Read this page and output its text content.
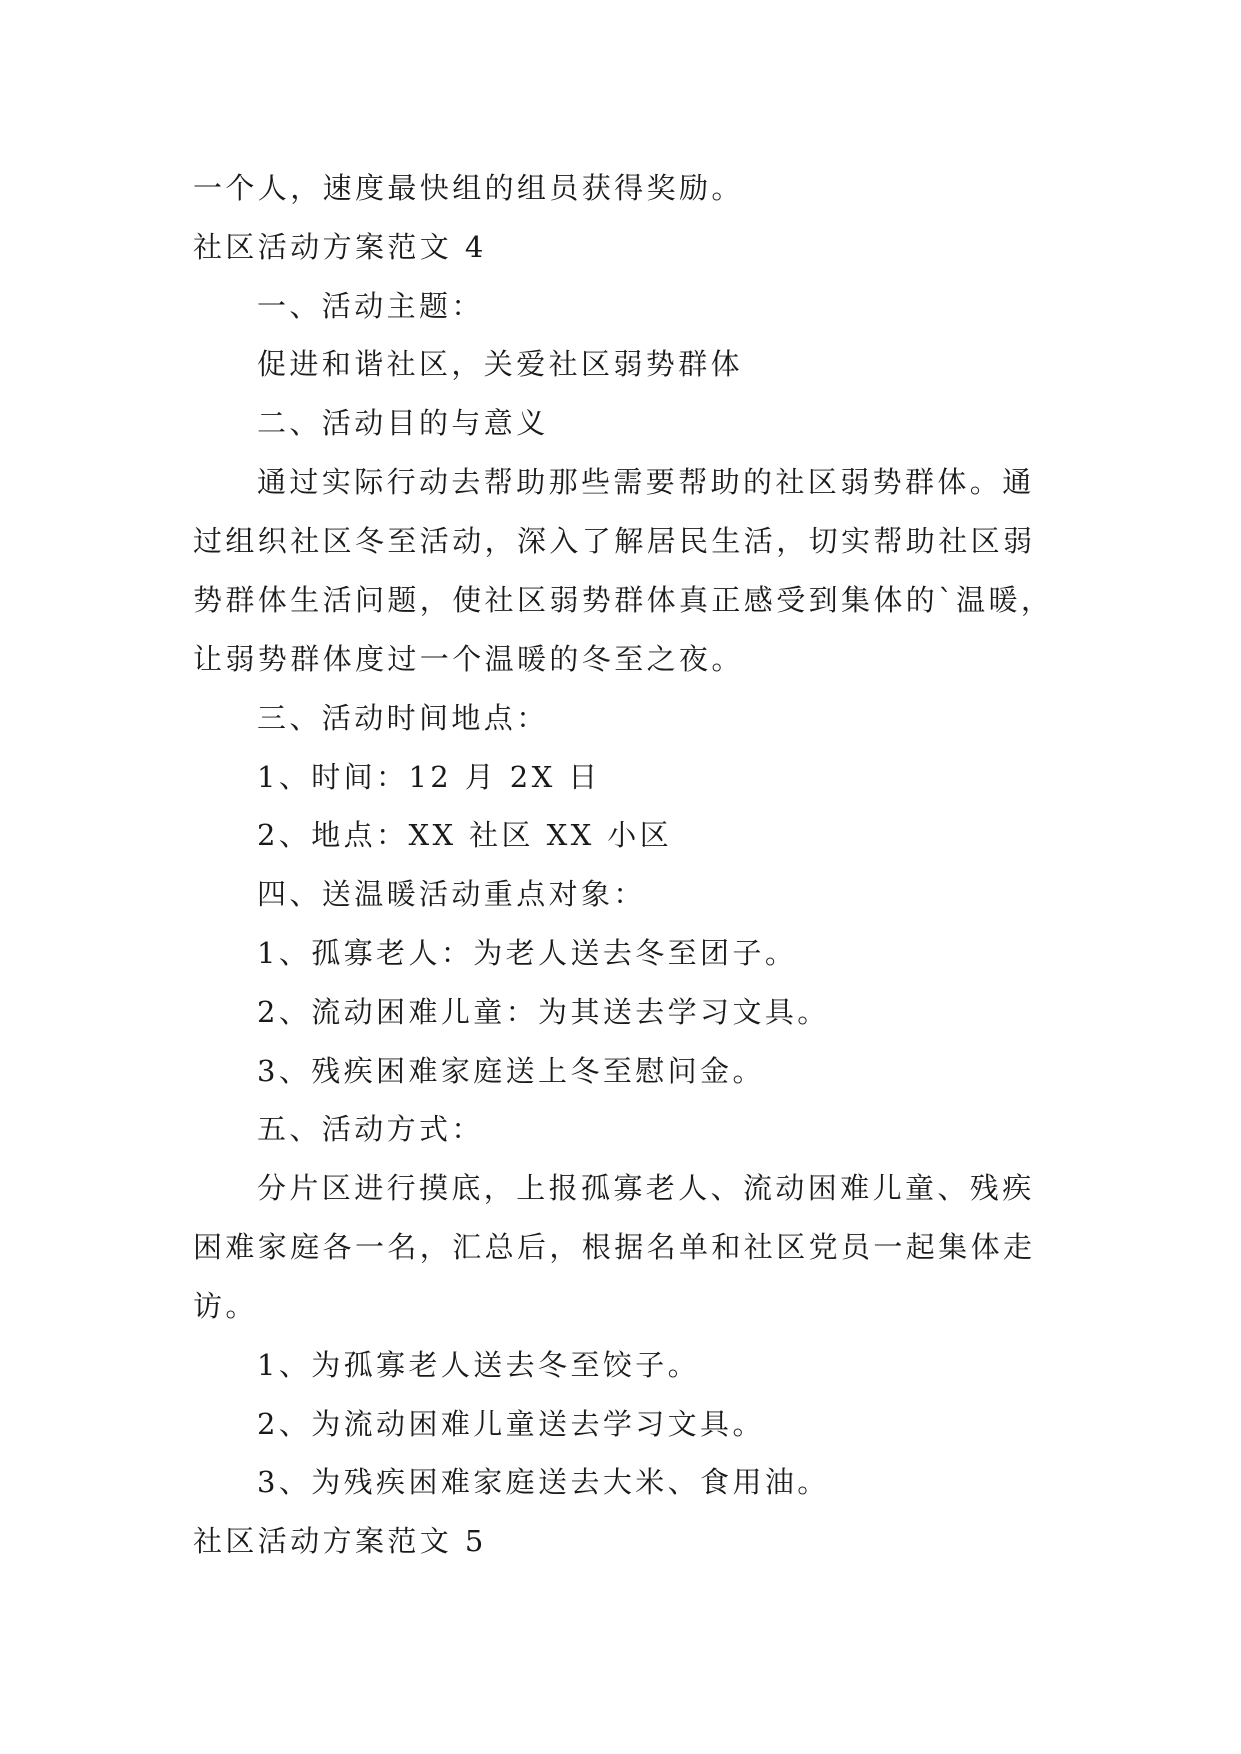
一个人，速度最快组的组员获得奖励。
社区活动方案范文 4
一、活动主题：
促进和谐社区，关爱社区弱势群体
二、活动目的与意义
通过实际行动去帮助那些需要帮助的社区弱势群体。通
过组织社区冬至活动，深入了解居民生活，切实帮助社区弱
势群体生活问题，使社区弱势群体真正感受到集体的`温暖，
让弱势群体度过一个温暖的冬至之夜。
三、活动时间地点：
1、时间：12 月 2X 日
2、地点：XX 社区 XX 小区
四、送温暖活动重点对象：
1、孤寡老人：为老人送去冬至团子。
2、流动困难儿童：为其送去学习文具。
3、残疾困难家庭送上冬至慰问金。
五、活动方式：
分片区进行摸底，上报孤寡老人、流动困难儿童、残疾
困难家庭各一名，汇总后，根据名单和社区党员一起集体走
访。
1、为孤寡老人送去冬至饺子。
2、为流动困难儿童送去学习文具。
3、为残疾困难家庭送去大米、食用油。
社区活动方案范文 5
